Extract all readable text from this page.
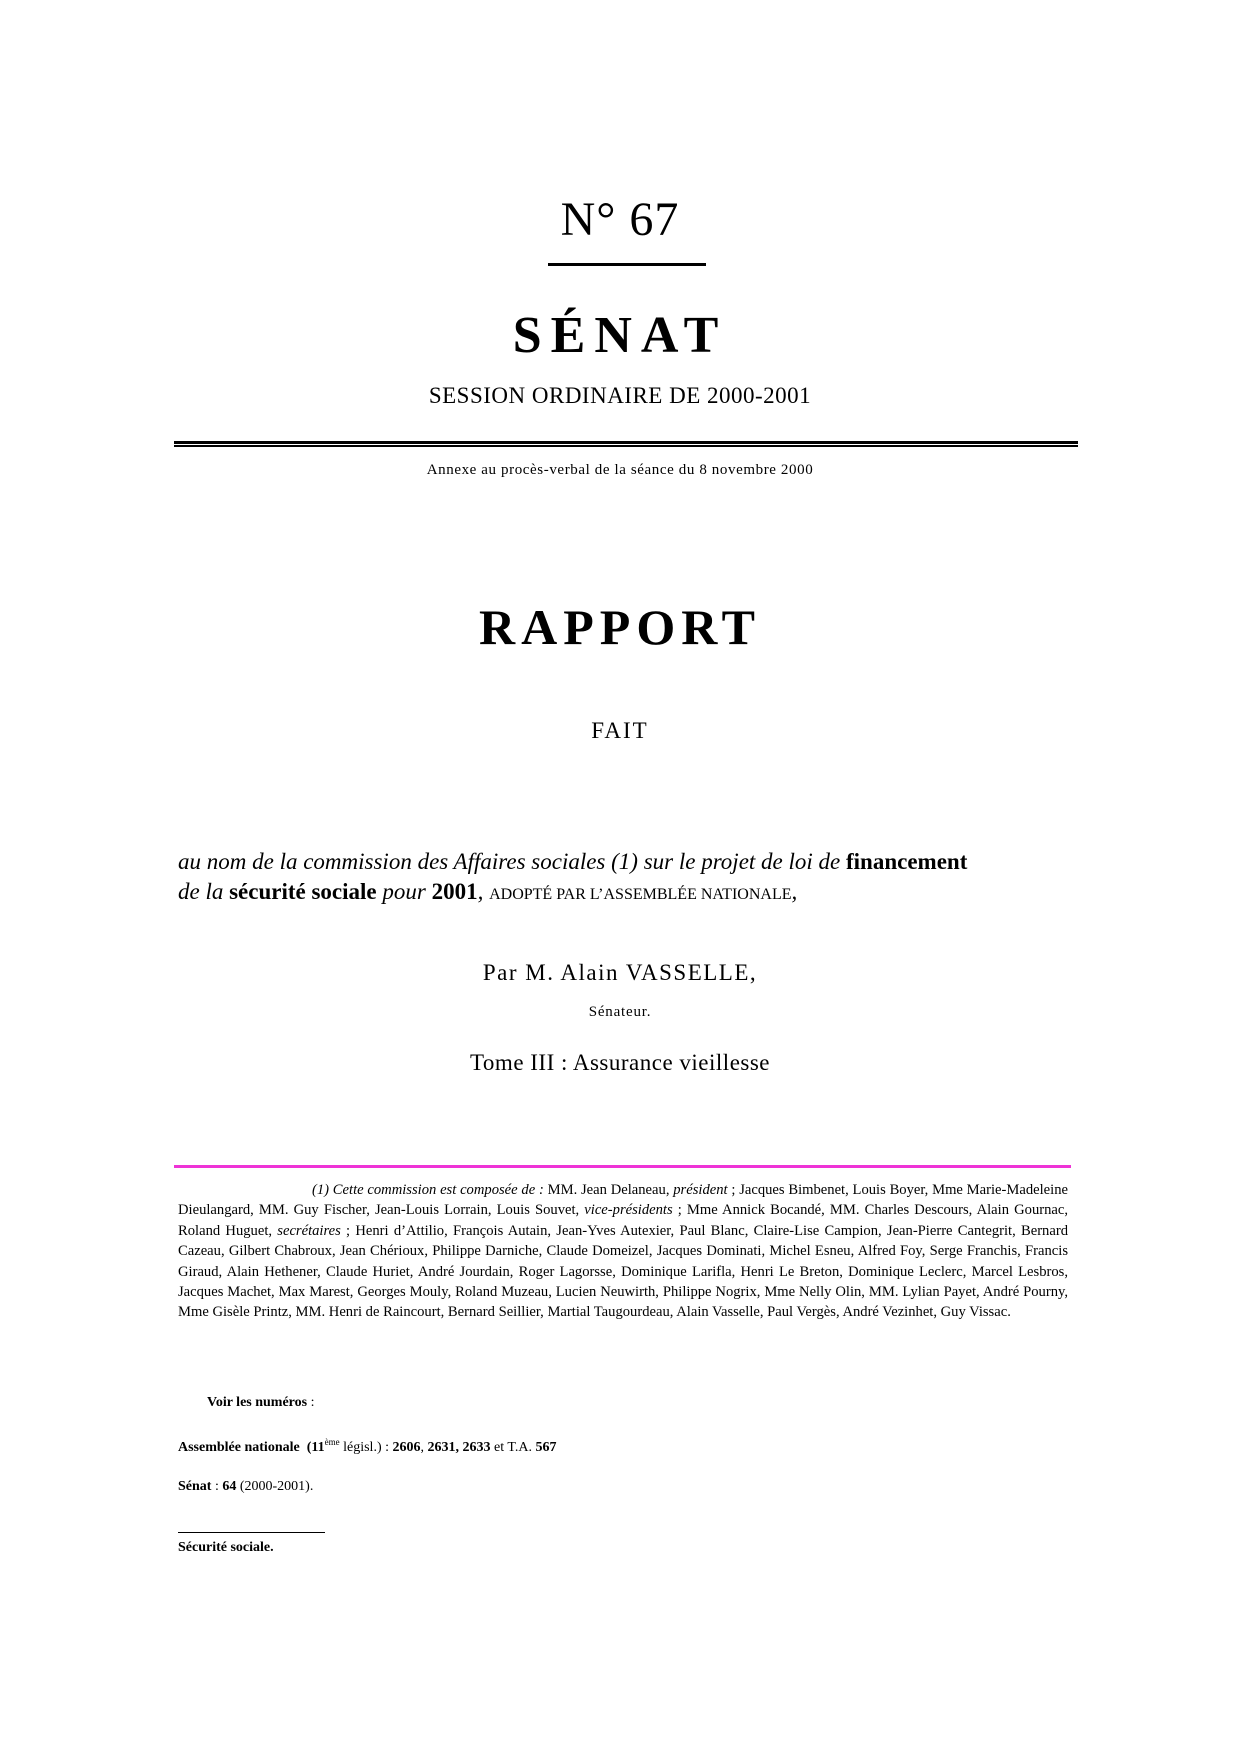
N° 67
SÉNAT
SESSION ORDINAIRE DE 2000-2001
Annexe au procès-verbal de la séance du 8 novembre 2000
RAPPORT
FAIT
au nom de la commission des Affaires sociales (1) sur le projet de loi de financement
de la sécurité sociale pour 2001, ADOPTÉ PAR L’ASSEMBLÉE NATIONALE,
Par M. Alain VASSELLE,
Sénateur.
Tome III : Assurance vieillesse
(1) Cette commission est composée de : MM. Jean Delaneau, président ; Jacques Bimbenet, Louis Boyer, Mme Marie-Madeleine Dieulangard, MM. Guy Fischer, Jean-Louis Lorrain, Louis Souvet, vice-présidents ; Mme Annick Bocandé, MM. Charles Descours, Alain Gournac, Roland Huguet, secrétaires ; Henri d’Attilio, François Autain, Jean-Yves Autexier, Paul Blanc, Claire-Lise Campion, Jean-Pierre Cantegrit, Bernard Cazeau, Gilbert Chabroux, Jean Chérioux, Philippe Darniche, Claude Domeizel, Jacques Dominati, Michel Esneu, Alfred Foy, Serge Franchis, Francis Giraud, Alain Hethener, Claude Huriet, André Jourdain, Roger Lagorsse, Dominique Larifla, Henri Le Breton, Dominique Leclerc, Marcel Lesbros, Jacques Machet, Max Marest, Georges Mouly, Roland Muzeau, Lucien Neuwirth, Philippe Nogrix, Mme Nelly Olin, MM. Lylian Payet, André Pourny, Mme Gisèle Printz, MM. Henri de Raincourt, Bernard Seillier, Martial Taugourdeau, Alain Vasselle, Paul Vergès, André Vezinhet, Guy Vissac.
Voir les numéros :
Assemblée nationale (11ème législ.) : 2606, 2631, 2633 et T.A. 567
Sénat : 64 (2000-2001).
Sécurité sociale.
